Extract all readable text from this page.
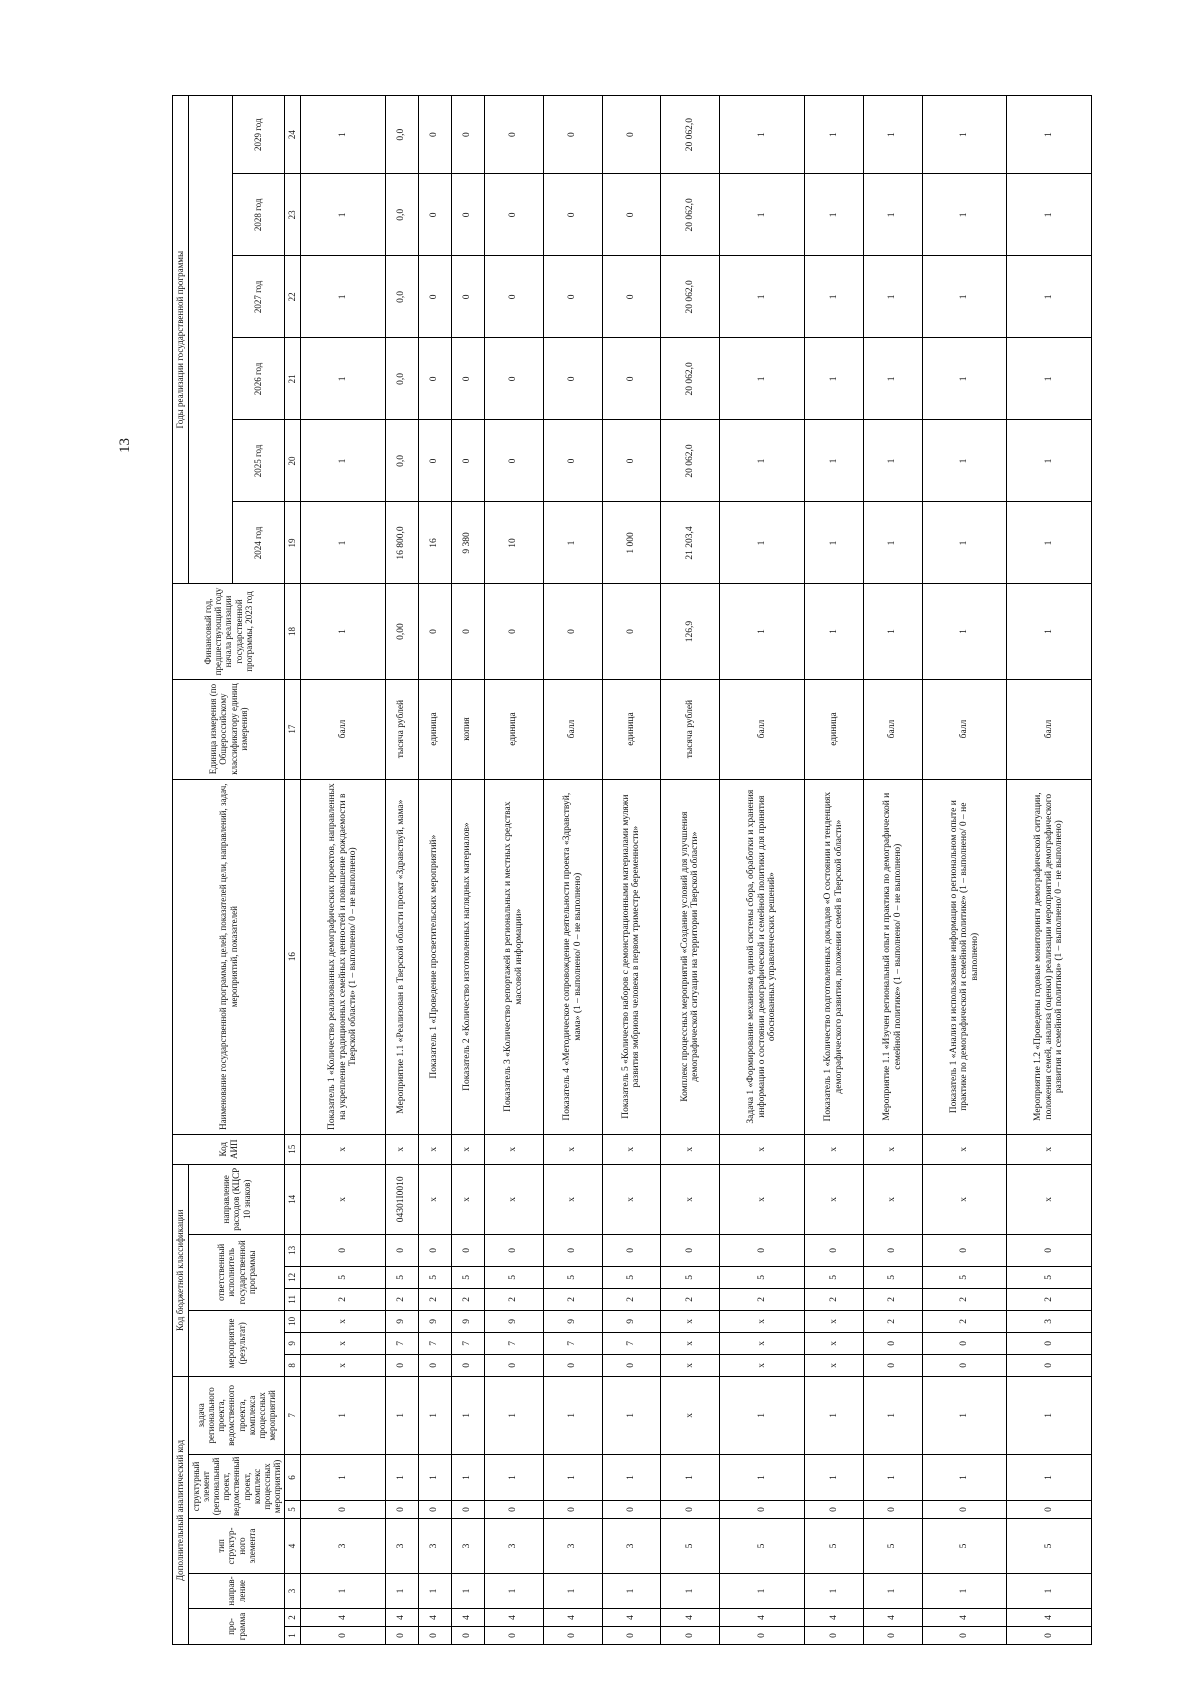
13
Дополнительный аналитический код							Код бюджетной классификации							Код АИП	Наименование государственной программы, целей, показателей цели, направлений, задач, мероприятий, показателей	Единица измерения (по Общероссийскому классификатору единиц измерения)	Финансовый год, предшествующий году начала реализации государственной программы, 2023 год	Годы реализации государственной программы					
про-грамма		направ-ление	тип структур-ного элемента	структурный элемент (региональный проект, ведомственный проект, комплекс процессных мероприятий)		задача регионального проекта, ведомственного проекта, комплекса процессных мероприятий	мероприятие (результат)			ответственный исполнитель государственной программы			направление расходов (КЦСР 10 знаков)										
																		2024 год	2025 год	2026 год	2027 год	2028 год	2029 год
1	2	3	4	5	6	7	8	9	10	11	12	13	14	15	16	17	18	19	20	21	22	23	24
0	4	1	3	0	1	1	х	х	х	2	5	0	х	х	Показатель 1 «Количество реализованных демографических проектов, направленных на укрепление традиционных семейных ценностей и повышение рождаемости в Тверской области» (1 – выполнено/ 0 – не выполнено)	балл	1	1	1	1	1	1	1
0	4	1	3	0	1	1	0	7	9	2	5	0	04301I0010	х	Мероприятие 1.1 «Реализован в Тверской области проект «Здравствуй, мама»	тысяча рублей	0,00	16 800,0	0,0	0,0	0,0	0,0	0,0
0	4	1	3	0	1	1	0	7	9	2	5	0	х	х	Показатель 1 «Проведение просветительских мероприятий»	единица	0	16	0	0	0	0	0
0	4	1	3	0	1	1	0	7	9	2	5	0	х	х	Показатель 2 «Количество изготовленных наглядных материалов»	копия	0	9 380	0	0	0	0	0
0	4	1	3	0	1	1	0	7	9	2	5	0	х	х	Показатель 3 «Количество репортажей в региональных и местных средствах массовой информации»	единица	0	10	0	0	0	0	0
0	4	1	3	0	1	1	0	7	9	2	5	0	х	х	Показатель 4 «Методическое сопровождение деятельности проекта «Здравствуй, мама» (1 – выполнено/ 0 – не выполнено)	балл	0	1	0	0	0	0	0
0	4	1	3	0	1	1	0	7	9	2	5	0	х	х	Показатель 5 «Количество наборов с демонстрационными материалами муляжи развития эмбриона человека в первом триместре беременности»	единица	0	1 000	0	0	0	0	0
0	4	1	5	0	1	х	х	х	х	2	5	0	х	х	Комплекс процессных мероприятий «Создание условий для улучшения демографической ситуации на территории Тверской области»	тысяча рублей	126,9	21 203,4	20 062,0	20 062,0	20 062,0	20 062,0	20 062,0
0	4	1	5	0	1	1	х	х	х	2	5	0	х	х	Задача 1 «Формирование механизма единой системы сбора, обработки и хранения информации о состоянии демографической и семейной политики для принятия обоснованных управленческих решений»	балл	1	1	1	1	1	1	1
0	4	1	5	0	1	1	х	х	х	2	5	0	х	х	Показатель 1 «Количество подготовленных докладов «О состоянии и тенденциях демографического развития, положении семей в Тверской области»	единица	1	1	1	1	1	1	1
0	4	1	5	0	1	1	0	0	2	2	5	0	х	х	Мероприятие 1.1 «Изучен региональный опыт и практика по демографической и семейной политике» (1 – выполнено/ 0 – не выполнено)	балл	1	1	1	1	1	1	1
0	4	1	5	0	1	1	0	0	2	2	5	0	х	х	Показатель 1 «Анализ и использование информации о региональном опыте и практике по демографической и семейной политике» (1 – выполнено/ 0 – не выполнено)	балл	1	1	1	1	1	1	1
0	4	1	5	0	1	1	0	0	3	2	5	0	х	х	Мероприятие 1.2 «Проведены годовые мониторинги демографической ситуации, положения семей, анализа (оценки) реализации мероприятий демографического развития и семейной политики» (1 – выполнено/ 0 – не выполнено)	балл	1	1	1	1	1	1	1
